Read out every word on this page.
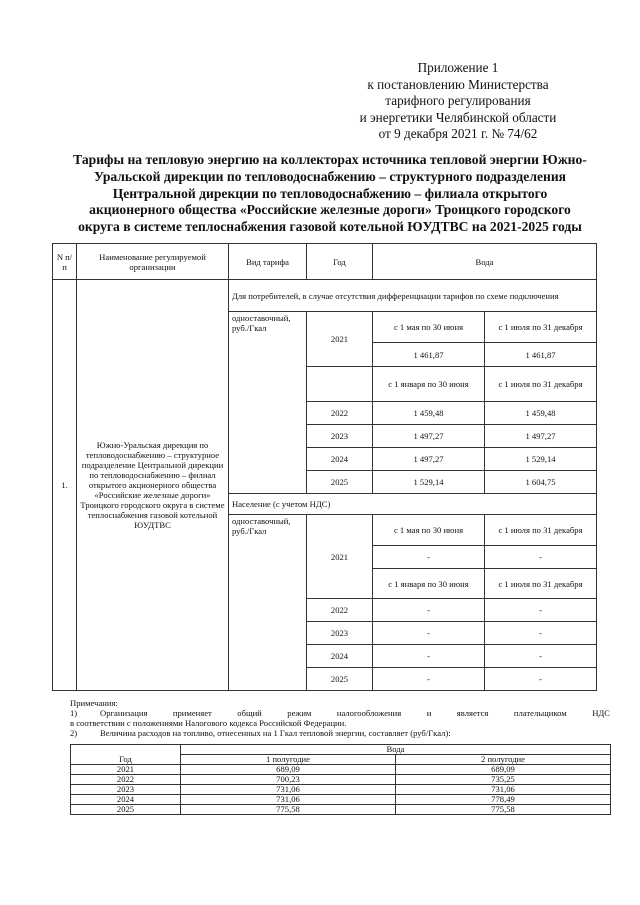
Приложение 1
к постановлению Министерства
тарифного регулирования
и энергетики Челябинской области
от 9 декабря 2021 г. № 74/62
Тарифы на тепловую энергию на коллекторах источника тепловой энергии Южно-
Уральской дирекции по тепловодоснабжению – структурного подразделения
Центральной дирекции по тепловодоснабжению – филиала открытого
акционерного общества «Российские железные дороги» Троицкого городского
округа в системе теплоснабжения газовой котельной ЮУДТВС на 2021-2025 годы
N п/п	Наименование регулируемой организации	Вид тарифа	Год	Вода	
1.	Южно-Уральская дирекция по тепловодоснабжению – структурное подразделение Центральной дирекции по тепловодоснабжению – филиал открытого акционерного общества «Российские железные дороги» Троицкого городского округа в системе теплоснабжения газовой котельной ЮУДТВС	Для потребителей, в случае отсутствия дифференциации тарифов по схеме подключения			
		одноставочный, руб./Гкал	2021	с 1 мая по 30 июня	с 1 июля по 31 декабря
				1 461,87	1 461,87
				с 1 января по 30 июня	с 1 июля по 31 декабря
			2022	1 459,48	1 459,48
			2023	1 497,27	1 497,27
			2024	1 497,27	1 529,14
			2025	1 529,14	1 604,75
		Население (с учетом НДС)			
		одноставочный, руб./Гкал	2021	с 1 мая по 30 июня	с 1 июля по 31 декабря
				-	-
				с 1 января по 30 июня	с 1 июля по 31 декабря
			2022	-	-
			2023	-	-
			2024	-	-
			2025	-	-
Примечания:
1)	Организация применяет общий режим налогообложения и является плательщиком НДС
в соответствии с положениями Налогового кодекса Российской Федерации.
2)	Величина расходов на топливо, отнесенных на 1 Гкал тепловой энергии, составляет (руб/Гкал):
Год	Вода	
	1 полугодие	2 полугодие
2021	689,09	689,09
2022	700,23	735,25
2023	731,06	731,06
2024	731,06	778,49
2025	775,58	775,58
